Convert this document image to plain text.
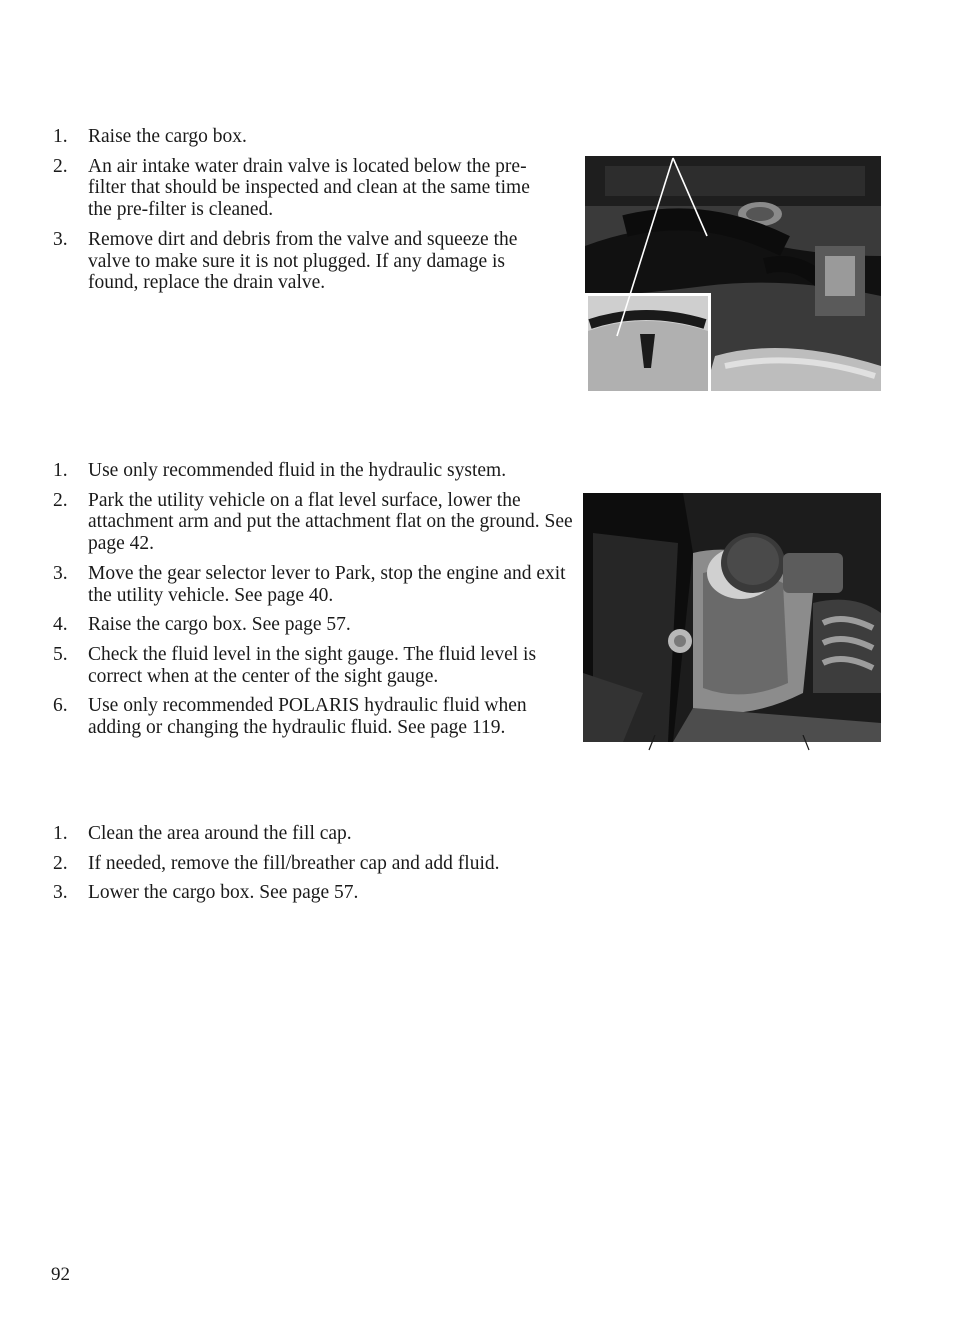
1. Raise the cargo box.
2. An air intake water drain valve is located below the pre-filter that should be inspected and clean at the same time the pre-filter is cleaned.
3. Remove dirt and debris from the valve and squeeze the valve to make sure it is not plugged. If any damage is found, replace the drain valve.
1. Use only recommended fluid in the hydraulic system.
2. Park the utility vehicle on a flat level surface, lower the attachment arm and put the attachment flat on the ground. See page 42.
3. Move the gear selector lever to Park, stop the engine and exit the utility vehicle. See page 40.
4. Raise the cargo box. See page 57.
5. Check the fluid level in the sight gauge. The fluid level is correct when at the center of the sight gauge.
6. Use only recommended POLARIS hydraulic fluid when adding or changing the hydraulic fluid. See page 119.
1. Clean the area around the fill cap.
2. If needed, remove the fill/breather cap and add fluid.
3. Lower the cargo box. See page 57.
92
